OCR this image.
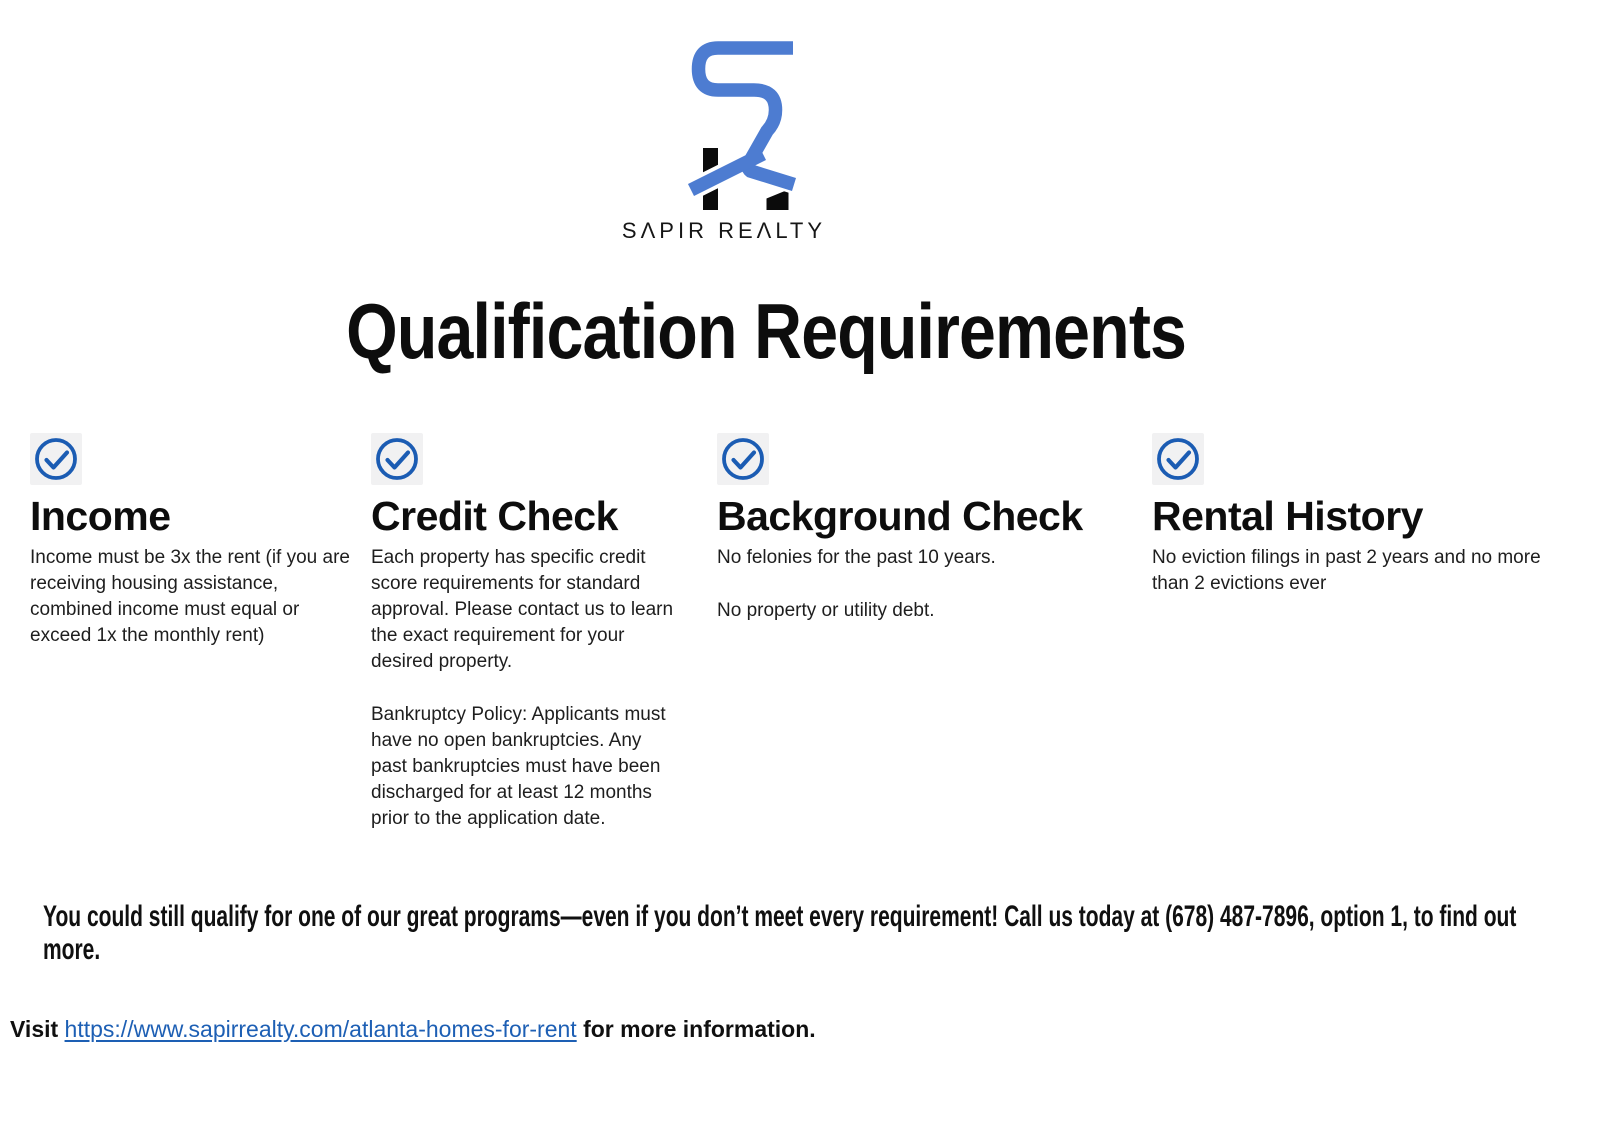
SΛPIR REΛLTY
Qualification Requirements
Income

Income must be 3x the rent (if you are receiving housing assistance, combined income must equal or exceed 1x the monthly rent)

Credit Check

Each property has specific credit score requirements for standard approval. Please contact us to learn the exact requirement for your desired property.

Bankruptcy Policy: Applicants must have no open bankruptcies. Any past bankruptcies must have been discharged for at least 12 months prior to the application date.

Background Check

No felonies for the past 10 years.

No property or utility debt.

Rental History

No eviction filings in past 2 years and no more than 2 evictions ever

You could still qualify for one of our great programs—even if you don’t meet every requirement! Call us today at (678) 487-7896, option 1, to find out more.
Visit https://www.sapirrealty.com/atlanta-homes-for-rent for more information.
